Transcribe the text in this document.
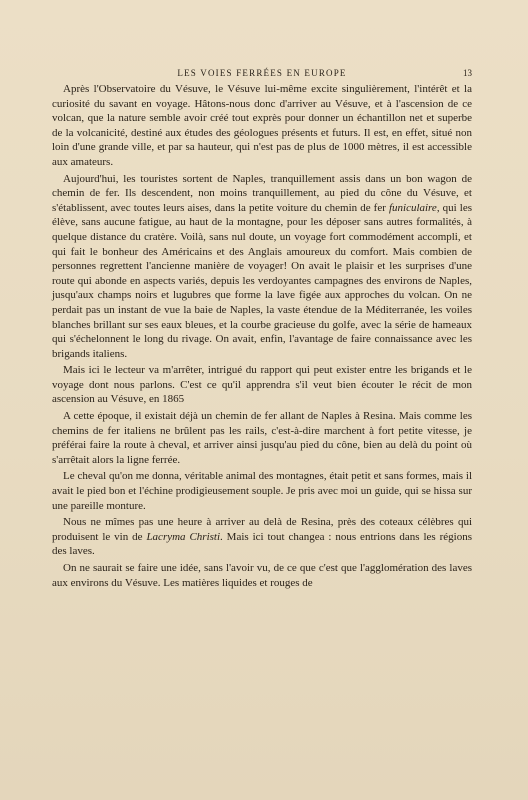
LES VOIES FERRÉES EN EUROPE	13

Après l'Observatoire du Vésuve, le Vésuve lui-même excite singulièrement, l'intérêt et la curiosité du savant en voyage. Hâtons-nous donc d'arriver au Vésuve, et à l'ascension de ce volcan, que la nature semble avoir créé tout exprès pour donner un échantillon net et superbe de la volcanicité, destiné aux études des géologues présents et futurs. Il est, en effet, situé non loin d'une grande ville, et par sa hauteur, qui n'est pas de plus de 1000 mètres, il est accessible aux amateurs.

Aujourd'hui, les touristes sortent de Naples, tranquillement assis dans un bon wagon de chemin de fer. Ils descendent, non moins tranquillement, au pied du cône du Vésuve, et s'établissent, avec toutes leurs aises, dans la petite voiture du chemin de fer funiculaire, qui les élève, sans aucune fatigue, au haut de la montagne, pour les déposer sans autres formalités, à quelque distance du cratère. Voilà, sans nul doute, un voyage fort commodément accompli, et qui fait le bonheur des Américains et des Anglais amoureux du comfort. Mais combien de personnes regrettent l'ancienne manière de voyager! On avait le plaisir et les surprises d'une route qui abonde en aspects variés, depuis les verdoyantes campagnes des environs de Naples, jusqu'aux champs noirs et lugubres que forme la lave figée aux approches du volcan. On ne perdait pas un instant de vue la baie de Naples, la vaste étendue de la Méditerranée, les voiles blanches brillant sur ses eaux bleues, et la courbe gracieuse du golfe, avec la série de hameaux qui s'échelonnent le long du rivage. On avait, enfin, l'avantage de faire connaissance avec les brigands italiens.

Mais ici le lecteur va m'arrêter, intrigué du rapport qui peut exister entre les brigands et le voyage dont nous parlons. C'est ce qu'il apprendra s'il veut bien écouter le récit de mon ascension au Vésuve, en 1865

A cette époque, il existait déjà un chemin de fer allant de Naples à Resina. Mais comme les chemins de fer italiens ne brûlent pas les rails, c'est-à-dire marchent à fort petite vitesse, je préférai faire la route à cheval, et arriver ainsi jusqu'au pied du cône, bien au delà du point où s'arrêtait alors la ligne ferrée.

Le cheval qu'on me donna, véritable animal des montagnes, était petit et sans formes, mais il avait le pied bon et l'échine prodigieusement souple. Je pris avec moi un guide, qui se hissa sur une pareille monture.

Nous ne mîmes pas une heure à arriver au delà de Resina, près des coteaux célèbres qui produisent le vin de Lacryma Christi. Mais ici tout changea : nous entrions dans les régions des laves.

On ne saurait se faire une idée, sans l'avoir vu, de ce que c'est que l'agglomération des laves aux environs du Vésuve. Les matières liquides et rouges de
